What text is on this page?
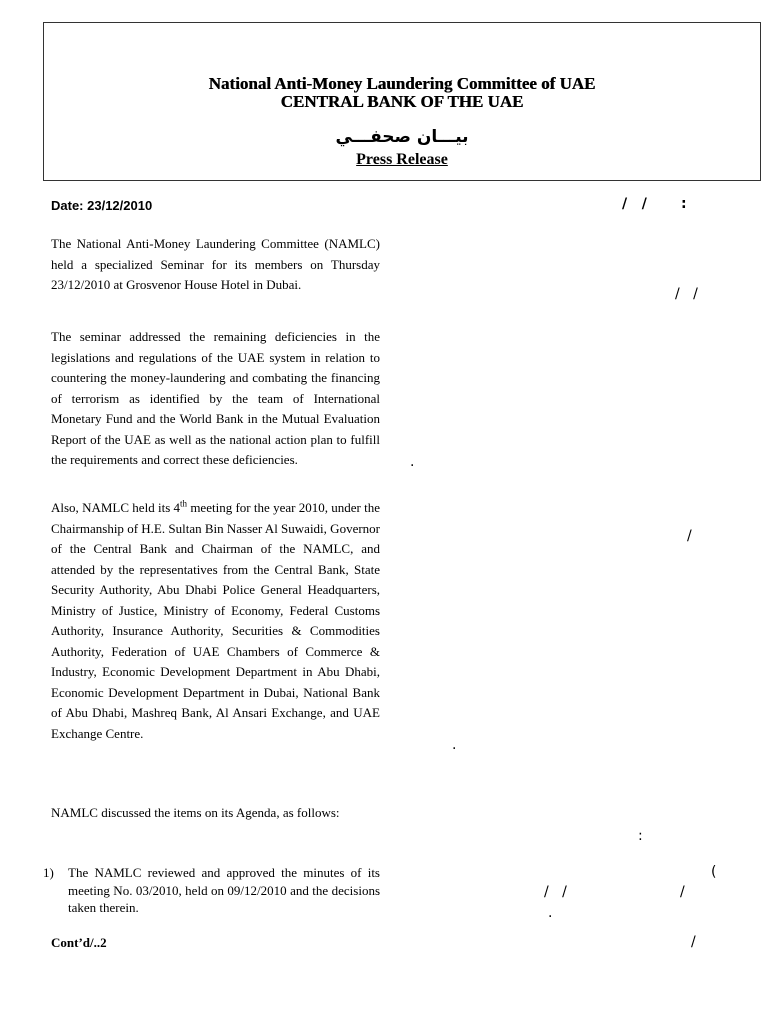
National Anti-Money Laundering Committee of UAE
CENTRAL BANK OF THE UAE
بيـــان صحفـــي
Press Release
Date: 23/12/2010

The National Anti-Money Laundering Committee (NAMLC) held a specialized Seminar for its members on Thursday 23/12/2010 at Grosvenor House Hotel in Dubai.

The seminar addressed the remaining deficiencies in the legislations and regulations of the UAE system in relation to countering the money-laundering and combating the financing of terrorism as identified by the team of International Monetary Fund and the World Bank in the Mutual Evaluation Report of the UAE as well as the national action plan to fulfill the requirements and correct these deficiencies.

Also, NAMLC held its 4th meeting for the year 2010, under the Chairmanship of H.E. Sultan Bin Nasser Al Suwaidi, Governor of the Central Bank and Chairman of the NAMLC, and attended by the representatives from the Central Bank, State Security Authority, Abu Dhabi Police General Headquarters, Ministry of Justice, Ministry of Economy, Federal Customs Authority, Insurance Authority, Securities & Commodities Authority, Federation of UAE Chambers of Commerce & Industry, Economic Development Department in Abu Dhabi, Economic Development Department in Dubai, National Bank of Abu Dhabi, Mashreq Bank, Al Ansari Exchange, and UAE Exchange Centre.

NAMLC discussed the items on its Agenda, as follows:

1) The NAMLC reviewed and approved the minutes of its meeting No. 03/2010, held on 09/12/2010 and the decisions taken therein.
Cont’d/..2
/   /       :
/   /
.
/
.
:
(
/   /	/
.
/
